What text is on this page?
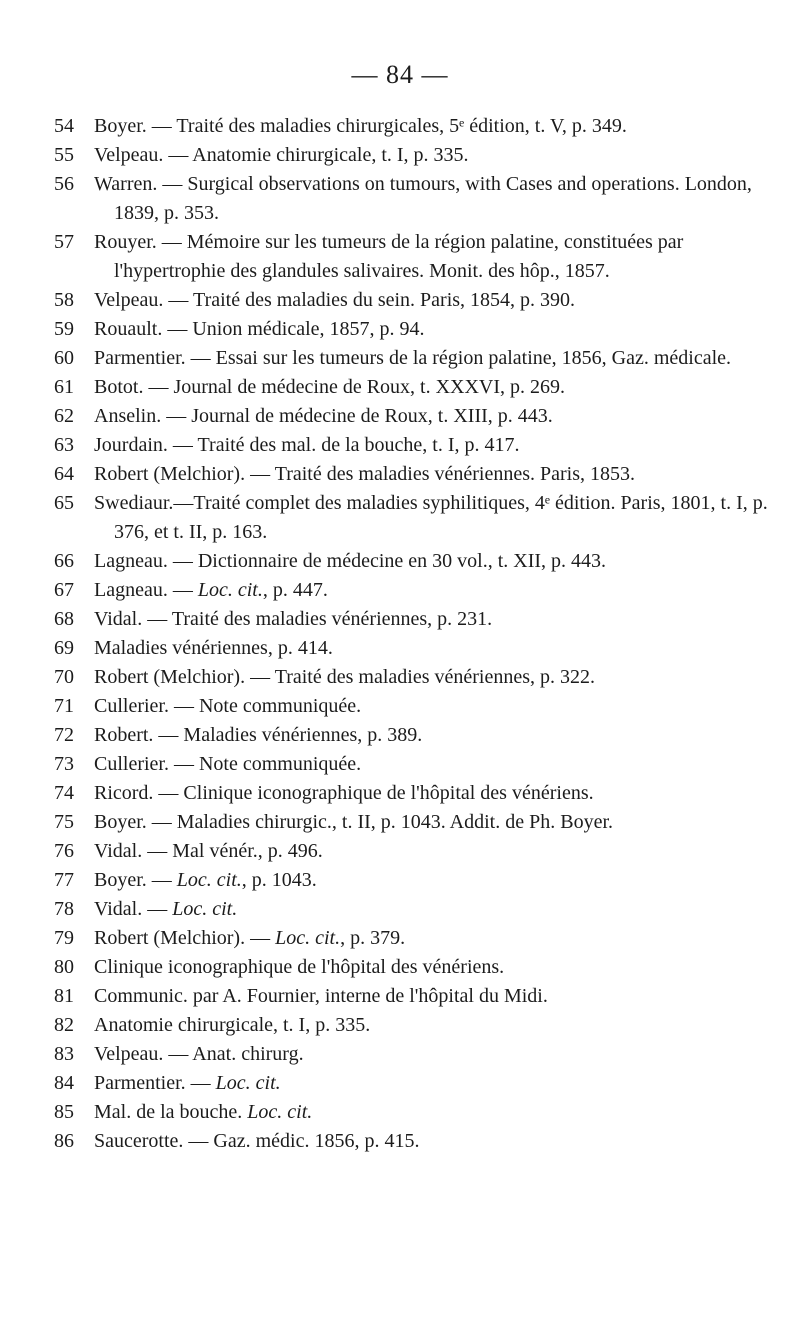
— 84 —
54	Boyer. — Traité des maladies chirurgicales, 5ᵉ édition, t. V, p. 349.
55	Velpeau. — Anatomie chirurgicale, t. I, p. 335.
56	Warren. — Surgical observations on tumours, with Cases and operations. London, 1839, p. 353.
57	Rouyer. — Mémoire sur les tumeurs de la région palatine, constituées par l'hypertrophie des glandules salivaires. Monit. des hôp., 1857.
58	Velpeau. — Traité des maladies du sein. Paris, 1854, p. 390.
59	Rouault. — Union médicale, 1857, p. 94.
60	Parmentier. — Essai sur les tumeurs de la région palatine, 1856, Gaz. médicale.
61	Botot. — Journal de médecine de Roux, t. XXXVI, p. 269.
62	Anselin. — Journal de médecine de Roux, t. XIII, p. 443.
63	Jourdain. — Traité des mal. de la bouche, t. I, p. 417.
64	Robert (Melchior). — Traité des maladies vénériennes. Paris, 1853.
65	Swediaur.—Traité complet des maladies syphilitiques, 4ᵉ édition. Paris, 1801, t. I, p. 376, et t. II, p. 163.
66	Lagneau. — Dictionnaire de médecine en 30 vol., t. XII, p. 443.
67	Lagneau. — Loc. cit., p. 447.
68	Vidal. — Traité des maladies vénériennes, p. 231.
69	Maladies vénériennes, p. 414.
70	Robert (Melchior). — Traité des maladies vénériennes, p. 322.
71	Cullerier. — Note communiquée.
72	Robert. — Maladies vénériennes, p. 389.
73	Cullerier. — Note communiquée.
74	Ricord. — Clinique iconographique de l'hôpital des vénériens.
75	Boyer. — Maladies chirurgic., t. II, p. 1043. Addit. de Ph. Boyer.
76	Vidal. — Mal vénér., p. 496.
77	Boyer. — Loc. cit., p. 1043.
78	Vidal. — Loc. cit.
79	Robert (Melchior). — Loc. cit., p. 379.
80	Clinique iconographique de l'hôpital des vénériens.
81	Communic. par A. Fournier, interne de l'hôpital du Midi.
82	Anatomie chirurgicale, t. I, p. 335.
83	Velpeau. — Anat. chirurg.
84	Parmentier. — Loc. cit.
85	Mal. de la bouche. Loc. cit.
86	Saucerotte. — Gaz. médic. 1856, p. 415.
